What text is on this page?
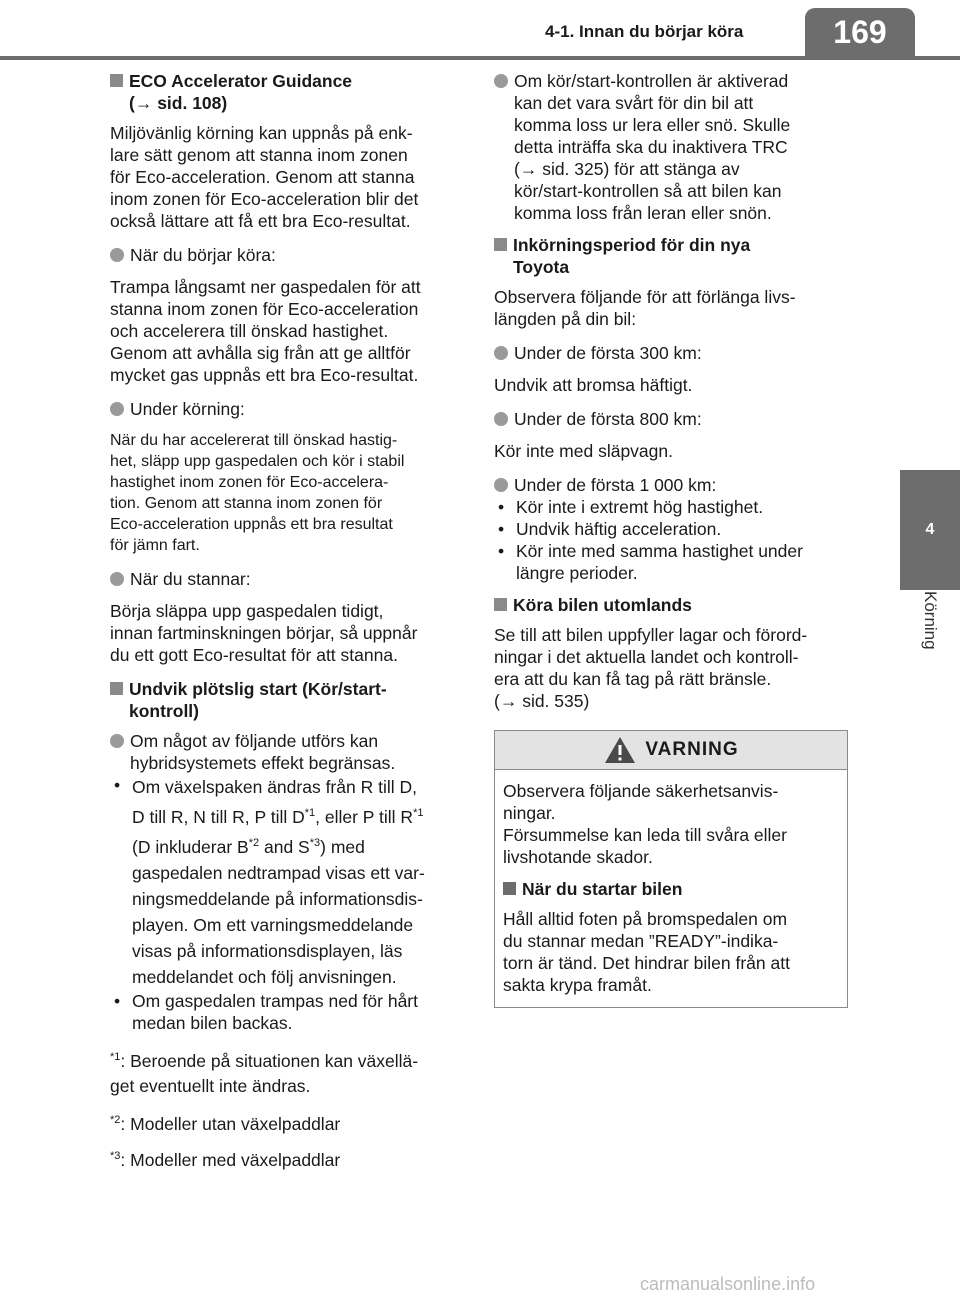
4-1. Innan du börjar köra	169
4
Körning
ECO Accelerator Guidance
(→ sid. 108)
Miljövänlig körning kan uppnås på enk-
lare sätt genom att stanna inom zonen
för Eco-acceleration. Genom att stanna
inom zonen för Eco-acceleration blir det
också lättare att få ett bra Eco-resultat.
När du börjar köra:
Trampa långsamt ner gaspedalen för att
stanna inom zonen för Eco-acceleration
och accelerera till önskad hastighet.
Genom att avhålla sig från att ge alltför
mycket gas uppnås ett bra Eco-resultat.
Under körning:
När du har accelererat till önskad hastig-
het, släpp upp gaspedalen och kör i stabil
hastighet inom zonen för Eco-accelera-
tion. Genom att stanna inom zonen för
Eco-acceleration uppnås ett bra resultat
för jämn fart.
När du stannar:
Börja släppa upp gaspedalen tidigt,
innan fartminskningen börjar, så uppnår
du ett gott Eco-resultat för att stanna.
Undvik plötslig start (Kör/start-
kontroll)
Om något av följande utförs kan
hybridsystemets effekt begränsas.
• Om växelspaken ändras från R till D,
D till R, N till R, P till $D^{*1}$, eller P till $R^{*1}$
(D inkluderar $B^{*2}$ and $S^{*3}$) med
gaspedalen nedtrampad visas ett var-
ningsmeddelande på informationsdis-
playen. Om ett varningsmeddelande
visas på informationsdisplayen, läs
meddelandet och följ anvisningen.
• Om gaspedalen trampas ned för hårt
medan bilen backas.
$^{*1}$: Beroende på situationen kan växellä-
get eventuellt inte ändras.
$^{*2}$: Modeller utan växelpaddlar
$^{*3}$: Modeller med växelpaddlar
Om kör/start-kontrollen är aktiverad
kan det vara svårt för din bil att
komma loss ur lera eller snö. Skulle
detta inträffa ska du inaktivera TRC
(→ sid. 325) för att stänga av
kör/start-kontrollen så att bilen kan
komma loss från leran eller snön.
Inkörningsperiod för din nya
Toyota
Observera följande för att förlänga livs-
längden på din bil:
Under de första 300 km:
Undvik att bromsa häftigt.
Under de första 800 km:
Kör inte med släpvagn.
Under de första 1 000 km:
• Kör inte i extremt hög hastighet.
• Undvik häftig acceleration.
• Kör inte med samma hastighet under
längre perioder.
Köra bilen utomlands
Se till att bilen uppfyller lagar och förord-
ningar i det aktuella landet och kontroll-
era att du kan få tag på rätt bränsle.
(→ sid. 535)
VARNING
Observera följande säkerhetsanvis-
ningar.
Försummelse kan leda till svåra eller
livshotande skador.
När du startar bilen
Håll alltid foten på bromspedalen om
du stannar medan ”READY”-indika-
torn är tänd. Det hindrar bilen från att
sakta krypa framåt.
carmanualsonline.info
